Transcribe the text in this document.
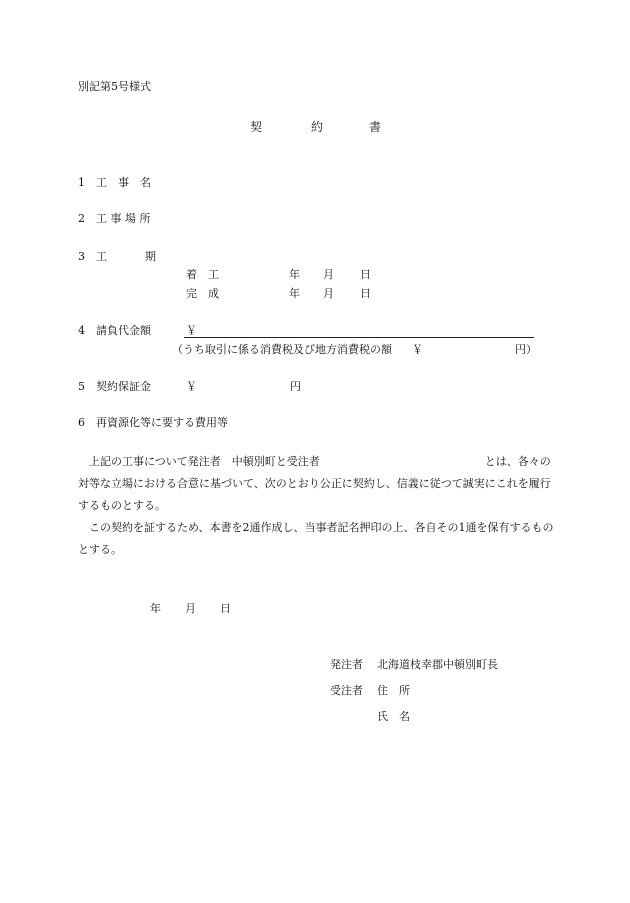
別記第5号様式
契	約	書
1 工　事　名
2 工 事 場 所
3 工	期
着　工	年 月 日
完　成	年 月 日
4 請負代金額	￥
（うち取引に係る消費税及び地方消費税の額 ￥	円）
5 契約保証金	￥	円
6 再資源化等に要する費用等

上記の工事について発注者　中頓別町と受注者　　　　　　　　　　　　　　　とは、各々の対等な立場における合意に基づいて、次のとおり公正に契約し、信義に従つて誠実にこれを履行するものとする。

この契約を証するため、本書を2通作成し、当事者記名押印の上、各自その1通を保有するものとする。

年 月 日
発注者 北海道枝幸郡中頓別町長
受注者 住　所
氏　名
